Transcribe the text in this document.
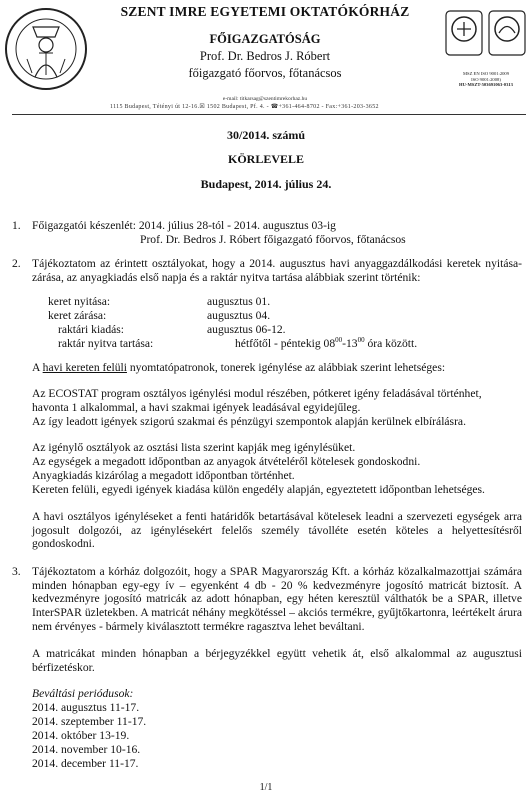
SZENT IMRE EGYETEMI OKTATÓKÓRHÁZ
FŐIGAZGATÓSÁG
Prof. Dr. Bedros J. Róbert
főigazgató főorvos, főtanácsos
e-mail: titkarsag@szentimrekorhaz.hu
1115 Budapest, Tétényi út 12-16.☒ 1502 Budapest, Pf. 4. - ☎+361-464-8702 - Fax:+361-203-3652
MSZ EN ISO 9001:2009
ISO 9001:2008)
HU-MSZT-503691063-0313
30/2014. számú
KÖRLEVELE
Budapest, 2014. július 24.
1. Főigazgatói készenlét: 2014. július 28-tól - 2014. augusztus 03-ig
Prof. Dr. Bedros J. Róbert főigazgató főorvos, főtanácsos
2. Tájékoztatom az érintett osztályokat, hogy a 2014. augusztus havi anyaggazdálkodási keretek nyitása-zárása, az anyagkiadás első napja és a raktár nyitva tartása alábbiak szerint történik:
keret nyitása:	augusztus 01.
keret zárása:	augusztus 04.
raktári kiadás:	augusztus 06-12.
raktár nyitva tartása:	hétfőtől - péntekig $08^{00}-13^{00}$ óra között.
A havi kereten felüli nyomtatópatronok, tonerek igénylése az alábbiak szerint lehetséges:
Az ECOSTAT program osztályos igénylési modul részében, pótkeret igény feladásával történhet,
havonta 1 alkalommal, a havi szakmai igények leadásával egyidejűleg.
Az így leadott igények szigorú szakmai és pénzügyi szempontok alapján kerülnek elbírálásra.
Az igénylő osztályok az osztási lista szerint kapják meg igénylésüket.
Az egységek a megadott időpontban az anyagok átvételéről kötelesek gondoskodni.
Anyagkiadás kizárólag a megadott időpontban történhet.
Kereten felüli, egyedi igények kiadása külön engedély alapján, egyeztetett időpontban lehetséges.
A havi osztályos igényléseket a fenti határidők betartásával kötelesek leadni a szervezeti egységek arra jogosult dolgozói, az igénylésekért felelős személy távolléte esetén köteles a helyettesítésről gondoskodni.
3. Tájékoztatom a kórház dolgozóit, hogy a SPAR Magyarország Kft. a kórház közalkalmazottjai számára minden hónapban egy-egy ív – egyenként 4 db - 20 % kedvezményre jogosító matricát biztosít. A kedvezményre jogosító matricák az adott hónapban, egy héten keresztül válthatók be a SPAR, illetve InterSPAR üzletekben. A matricát néhány megkötéssel – akciós termékre, gyűjtőkartonra, leértékelt árura nem érvényes - bármely kiválasztott termékre ragasztva lehet beváltani.
A matricákat minden hónapban a bérjegyzékkel együtt vehetik át, első alkalommal az augusztusi bérfizetéskor.
Beváltási periódusok:
2014. augusztus 11-17.
2014. szeptember 11-17.
2014. október 13-19.
2014. november 10-16.
2014. december 11-17.
1/1
